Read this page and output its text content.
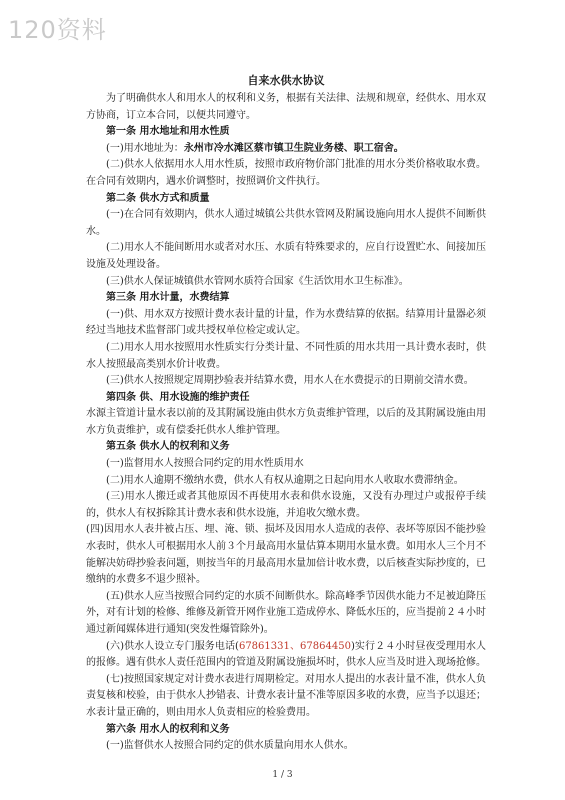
120资料
自来水供水协议

为了明确供水人和用水人的权利和义务，根据有关法律、法规和规章，经供水、用水双方协商，订立本合同，以便共同遵守。

第一条 用水地址和用水性质

(一)用水地址为：永州市冷水滩区蔡市镇卫生院业务楼、职工宿舍。

(二)供水人依据用水人用水性质，按照市政府物价部门批准的用水分类价格收取水费。在合同有效期内，遇水价调整时，按照调价文件执行。

第二条 供水方式和质量

(一)在合同有效期内，供水人通过城镇公共供水管网及附属设施向用水人提供不间断供水。

(二)用水人不能间断用水或者对水压、水质有特殊要求的，应自行设置贮水、间接加压设施及处理设备。

(三)供水人保证城镇供水管网水质符合国家《生活饮用水卫生标准》。

第三条 用水计量，水费结算

(一)供、用水双方按照计费水表计量的计量，作为水费结算的依据。结算用计量器必须经过当地技术监督部门或共授权单位检定或认定。

(二)用水人用水按照用水性质实行分类计量、不同性质的用水共用一具计费水表时，供水人按照最高类别水价计收费。

(三)供水人按照规定周期抄验表并结算水费，用水人在水费提示的日期前交清水费。

第四条 供、用水设施的维护责任

水源主管道计量水表以前的及其附属设施由供水方负责维护管理，以后的及其附属设施由用水方负责维护，或有偿委托供水人维护管理。

第五条 供水人的权利和义务

(一)监督用水人按照合同约定的用水性质用水

(二)用水人逾期不缴纳水费，供水人有权从逾期之日起向用水人收取水费滞纳金。

(三)用水人搬迁或者其他原因不再使用水表和供水设施，又没有办理过户或报停手续的，供水人有权拆除其计费水表和供水设施，并追收欠缴水费。

(四)因用水人表井被占压、埋、淹、锁、损坏及因用水人造成的表停、表坏等原因不能抄验水表时，供水人可根据用水人前３个月最高用水量估算本期用水量水费。如用水人三个月不能解决妨碍抄验表问题，则按当年的月最高用水量加倍计收水费，以后核查实际抄度的，已缴纳的水费多不退少照补。

(五)供水人应当按照合同约定的水质不间断供水。除高峰季节因供水能力不足被迫降压外，对有计划的检修、维修及新管开网作业施工造成停水、降低水压的，应当提前２４小时通过新闻媒体进行通知(突发性爆管除外)。

(六)供水人设立专门服务电话(67861331、67864450)实行２４小时昼夜受理用水人的报修。遇有供水人责任范围内的管道及附属设施损坏时，供水人应当及时进入现场抢修。

(七)按照国家规定对计费水表进行周期检定。对用水人提出的水表计量不准，供水人负责复核和校验，由于供水人抄错表、计费水表计量不准等原因多收的水费，应当予以退还；水表计量正确的，则由用水人负责相应的检验费用。

第六条 用水人的权利和义务

(一)监督供水人按照合同约定的供水质量向用水人供水。

1 / 3
